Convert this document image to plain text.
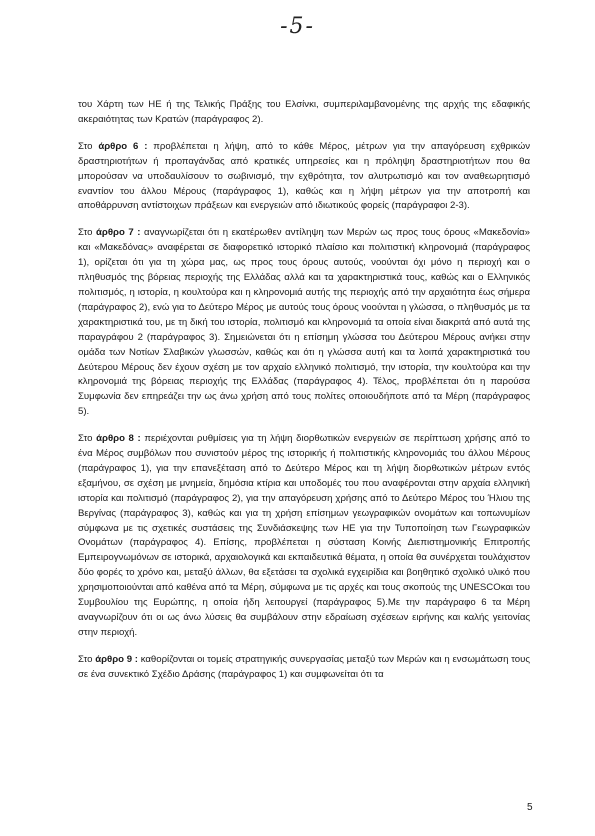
-5-

του Χάρτη των ΗΕ ή της Τελικής Πράξης του Ελσίνκι, συμπεριλαμβανομένης της αρχής της εδαφικής ακεραιότητας των Κρατών (παράγραφος 2).

Στο άρθρο 6 : προβλέπεται η λήψη, από το κάθε Μέρος, μέτρων για την απαγόρευση εχθρικών δραστηριοτήτων ή προπαγάνδας από κρατικές υπηρεσίες και η πρόληψη δραστηριοτήτων που θα μπορούσαν να υποδαυλίσουν το σωβινισμό, την εχθρότητα, τον αλυτρωτισμό και τον αναθεωρητισμό εναντίον του άλλου Μέρους (παράγραφος 1), καθώς και η λήψη μέτρων για την αποτροπή και αποθάρρυνση αντίστοιχων πράξεων και ενεργειών από ιδιωτικούς φορείς (παράγραφοι 2-3).

Στο άρθρο 7 : αναγνωρίζεται ότι η εκατέρωθεν αντίληψη των Μερών ως προς τους όρους «Μακεδονία» και «Μακεδόνας» αναφέρεται σε διαφορετικό ιστορικό πλαίσιο και πολιτιστική κληρονομιά (παράγραφος 1), ορίζεται ότι για τη χώρα μας, ως προς τους όρους αυτούς, νοούνται όχι μόνο η περιοχή και ο πληθυσμός της βόρειας περιοχής της Ελλάδας αλλά και τα χαρακτηριστικά τους, καθώς και ο Ελληνικός πολιτισμός, η ιστορία, η κουλτούρα και η κληρονομιά αυτής της περιοχής από την αρχαιότητα έως σήμερα (παράγραφος 2), ενώ για το Δεύτερο Μέρος με αυτούς τους όρους νοούνται η γλώσσα, ο πληθυσμός με τα χαρακτηριστικά του, με τη δική του ιστορία, πολιτισμό και κληρονομιά τα οποία είναι διακριτά από αυτά της παραγράφου 2 (παράγραφος 3). Σημειώνεται ότι η επίσημη γλώσσα του Δεύτερου Μέρους ανήκει στην ομάδα των Νοτίων Σλαβικών γλωσσών, καθώς και ότι η γλώσσα αυτή και τα λοιπά χαρακτηριστικά του Δεύτερου Μέρους δεν έχουν σχέση με τον αρχαίο ελληνικό πολιτισμό, την ιστορία, την κουλτούρα και την κληρονομιά της βόρειας περιοχής της Ελλάδας (παράγραφος 4). Τέλος, προβλέπεται ότι η παρούσα Συμφωνία δεν επηρεάζει την ως άνω χρήση από τους πολίτες οποιουδήποτε από τα Μέρη (παράγραφος 5).

Στο άρθρο 8 : περιέχονται ρυθμίσεις για τη λήψη διορθωτικών ενεργειών σε περίπτωση χρήσης από το ένα Μέρος συμβόλων που συνιστούν μέρος της ιστορικής ή πολιτιστικής κληρονομιάς του άλλου Μέρους (παράγραφος 1), για την επανεξέταση από το Δεύτερο Μέρος και τη λήψη διορθωτικών μέτρων εντός εξαμήνου, σε σχέση με μνημεία, δημόσια κτίρια και υποδομές του που αναφέρονται στην αρχαία ελληνική ιστορία και πολιτισμό (παράγραφος 2), για την απαγόρευση χρήσης από το Δεύτερο Μέρος του Ήλιου της Βεργίνας (παράγραφος 3), καθώς και για τη χρήση επίσημων γεωγραφικών ονομάτων και τοπωνυμίων σύμφωνα με τις σχετικές συστάσεις της Συνδιάσκεψης των ΗΕ για την Τυποποίηση των Γεωγραφικών Ονομάτων (παράγραφος 4). Επίσης, προβλέπεται η σύσταση Κοινής Διεπιστημονικής Επιτροπής Εμπειρογνωμόνων σε ιστορικά, αρχαιολογικά και εκπαιδευτικά θέματα, η οποία θα συνέρχεται τουλάχιστον δύο φορές το χρόνο και, μεταξύ άλλων, θα εξετάσει τα σχολικά εγχειρίδια και βοηθητικό σχολικό υλικό που χρησιμοποιούνται από καθένα από τα Μέρη, σύμφωνα με τις αρχές και τους σκοπούς της UNESCOκαι του Συμβουλίου της Ευρώπης, η οποία ήδη λειτουργεί (παράγραφος 5).Με την παράγραφο 6 τα Μέρη αναγνωρίζουν ότι οι ως άνω λύσεις θα συμβάλουν στην εδραίωση σχέσεων ειρήνης και καλής γειτονίας στην περιοχή.

Στο άρθρο 9 : καθορίζονται οι τομείς στρατηγικής συνεργασίας μεταξύ των Μερών και η ενσωμάτωση τους σε ένα συνεκτικό Σχέδιο Δράσης (παράγραφος 1) και συμφωνείται ότι τα

5
